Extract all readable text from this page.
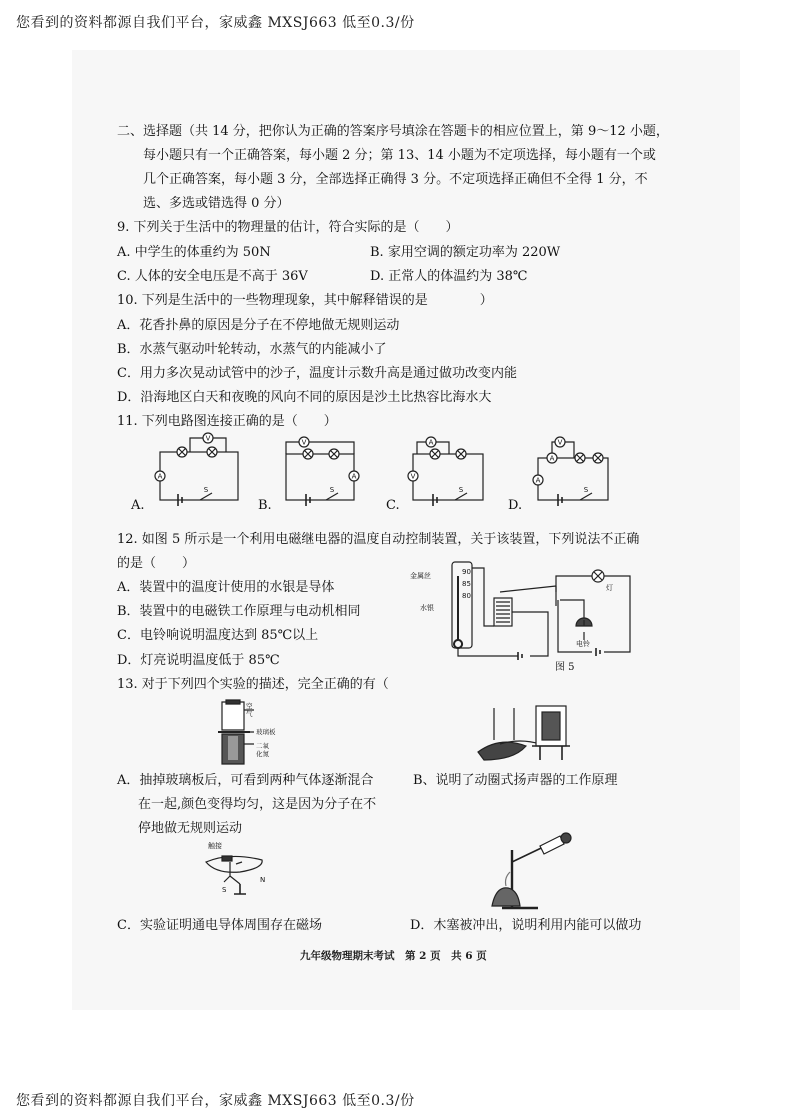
您看到的资料都源自我们平台，家威鑫 MXSJ663 低至0.3/份
二、选择题（共 14 分，把你认为正确的答案序号填涂在答题卡的相应位置上，第 9～12 小题，
每小题只有一个正确答案，每小题 2 分；第 13、14 小题为不定项选择，每小题有一个或
几个正确答案，每小题 3 分，全部选择正确得 3 分。不定项选择正确但不全得 1 分，不
选、多选或错选得 0 分）
9. 下列关于生活中的物理量的估计，符合实际的是（　　）
A. 中学生的体重约为 50N	B. 家用空调的额定功率为 220W
C. 人体的安全电压是不高于 36V	D. 正常人的体温约为 38℃
10. 下列是生活中的一些物理现象，其中解释错误的是　　　　）
A．花香扑鼻的原因是分子在不停地做无规则运动
B．水蒸气驱动叶轮转动，水蒸气的内能减小了
C．用力多次晃动试管中的沙子，温度计示数升高是通过做功改变内能
D．沿海地区白天和夜晚的风向不同的原因是沙土比热容比海水大
11. 下列电路图连接正确的是（　　）
V
A
S
A.
V
A
S
B.
A
V
S
C.
V
A
A
S
D.
12. 如图 5 所示是一个利用电磁继电器的温度自动控制装置，关于该装置，下列说法不正确
的是（　　）
A．装置中的温度计使用的水银是导体
B．装置中的电磁铁工作原理与电动机相同
C．电铃响说明温度达到 85℃以上
D．灯亮说明温度低于 85℃
金属丝
水银
90
85
80
灯
电铃
图 5
13. 对于下列四个实验的描述，完全正确的有（
空
气
玻璃板
二氧
化氮
A．抽掉玻璃板后，可看到两种气体逐渐混合
在一起,颜色变得均匀，这是因为分子在不
停地做无规则运动
B、说明了动圈式扬声器的工作原理
触接
S
N
C．实验证明通电导体周围存在磁场	D．木塞被冲出，说明利用内能可以做功
九年级物理期末考试　第 2 页　共 6 页
您看到的资料都源自我们平台，家威鑫 MXSJ663 低至0.3/份
